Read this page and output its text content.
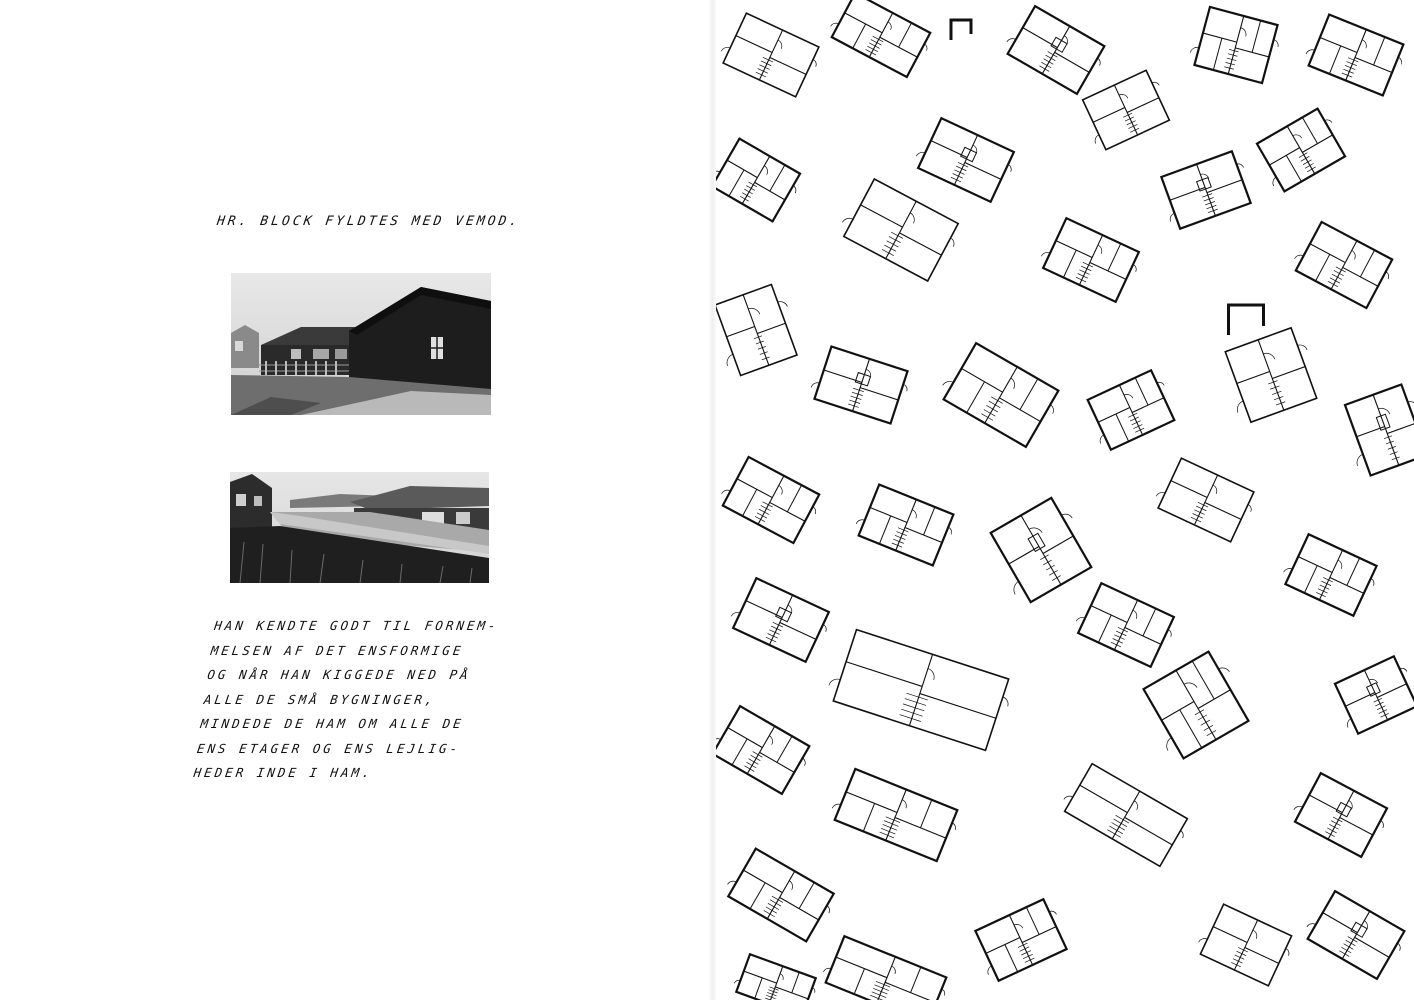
HR. BLOCK FYLDTES MED VEMOD.
HAN KENDTE GODT TIL FORNEM-
MELSEN AF DET ENSFORMIGE
OG NÅR HAN KIGGEDE NED PÅ
ALLE DE SMÅ BYGNINGER,
MINDEDE DE HAM OM ALLE DE
ENS ETAGER OG ENS LEJLIG-
HEDER INDE I HAM.
